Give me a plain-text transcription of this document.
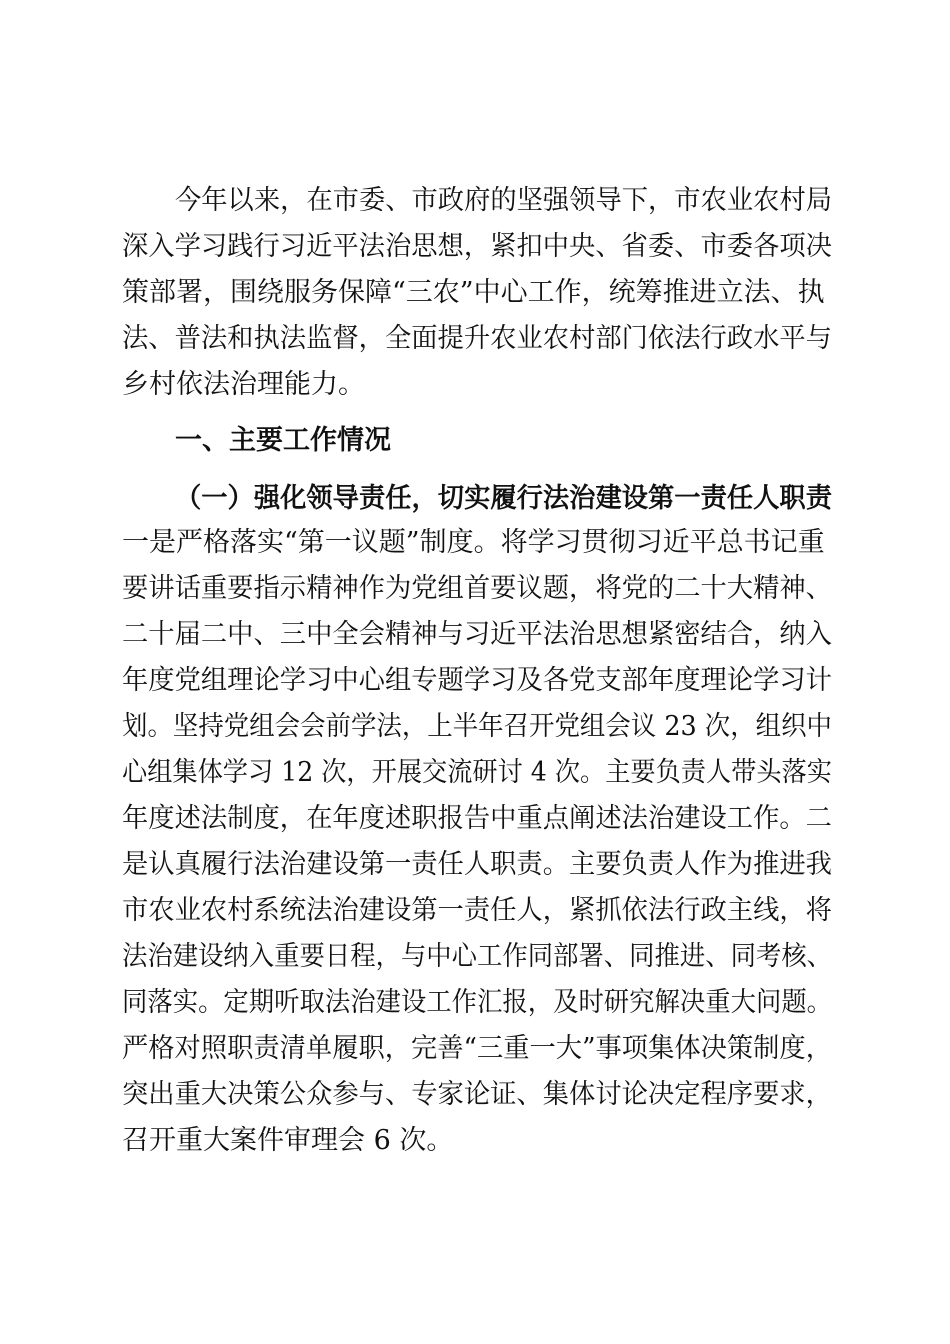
今年以来，在市委、市政府的坚强领导下，市农业农村局
深入学习践行习近平法治思想，紧扣中央、省委、市委各项决
策部署，围绕服务保障“三农”中心工作，统筹推进立法、执
法、普法和执法监督，全面提升农业农村部门依法行政水平与
乡村依法治理能力。
一、主要工作情况
（一）强化领导责任，切实履行法治建设第一责任人职责
一是严格落实“第一议题”制度。将学习贯彻习近平总书记重
要讲话重要指示精神作为党组首要议题，将党的二十大精神、
二十届二中、三中全会精神与习近平法治思想紧密结合，纳入
年度党组理论学习中心组专题学习及各党支部年度理论学习计
划。坚持党组会会前学法，上半年召开党组会议 23 次，组织中
心组集体学习 12 次，开展交流研讨 4 次。主要负责人带头落实
年度述法制度，在年度述职报告中重点阐述法治建设工作。二
是认真履行法治建设第一责任人职责。主要负责人作为推进我
市农业农村系统法治建设第一责任人，紧抓依法行政主线，将
法治建设纳入重要日程，与中心工作同部署、同推进、同考核、
同落实。定期听取法治建设工作汇报，及时研究解决重大问题。
严格对照职责清单履职，完善“三重一大”事项集体决策制度，
突出重大决策公众参与、专家论证、集体讨论决定程序要求，
召开重大案件审理会 6 次。
